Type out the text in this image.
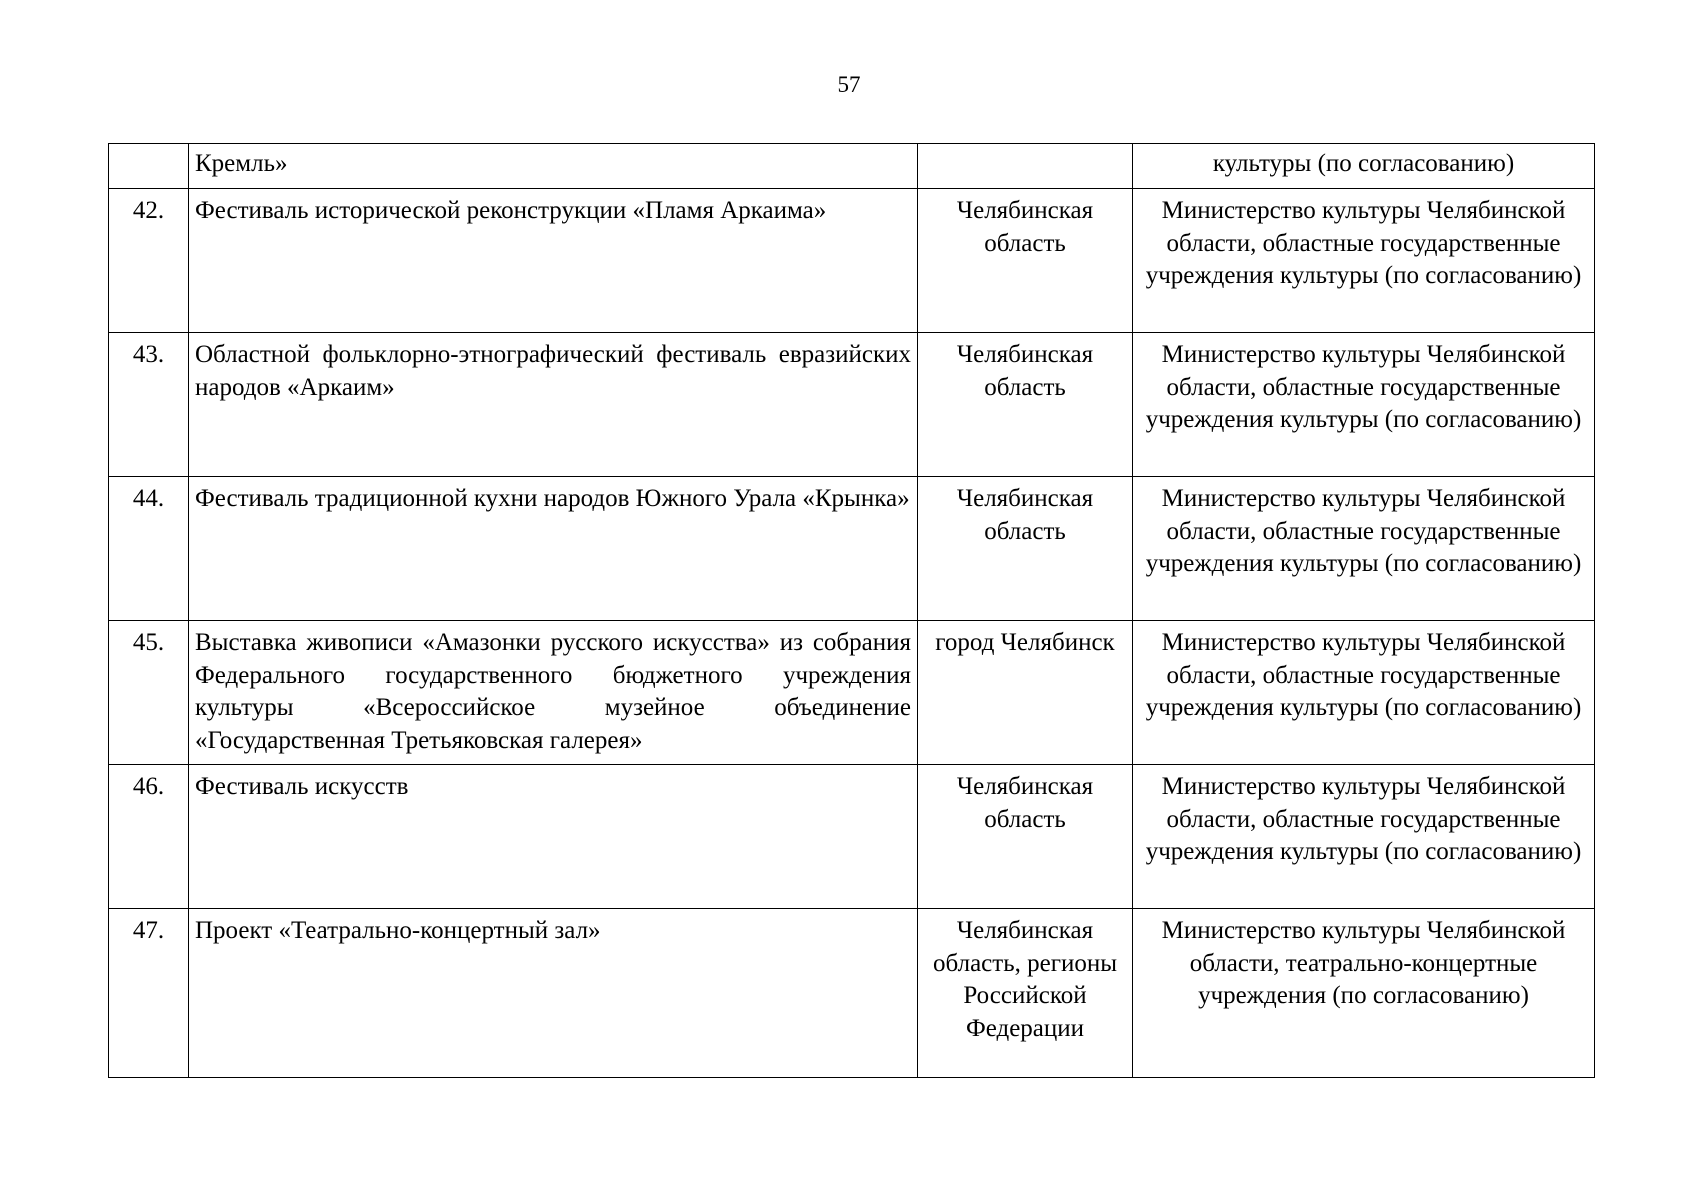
57
	Кремль»		культуры (по согласованию)
42.	Фестиваль исторической реконструкции «Пламя Аркаима»	Челябинская область	Министерство культуры Челябинской области, областные государственные учреждения культуры (по согласованию)
43.	Областной фольклорно-этнографический фестиваль евразийских народов «Аркаим»	Челябинская область	Министерство культуры Челябинской области, областные государственные учреждения культуры (по согласованию)
44.	Фестиваль традиционной кухни народов Южного Урала «Крынка»	Челябинская область	Министерство культуры Челябинской области, областные государственные учреждения культуры (по согласованию)
45.	Выставка живописи «Амазонки русского искусства» из собрания Федерального государственного бюджетного учреждения культуры «Всероссийское музейное объединение «Государственная Третьяковская галерея»	город Челябинск	Министерство культуры Челябинской области, областные государственные учреждения культуры (по согласованию)
46.	Фестиваль искусств	Челябинская область	Министерство культуры Челябинской области, областные государственные учреждения культуры (по согласованию)
47.	Проект «Театрально-концертный зал»	Челябинская область, регионы Российской Федерации	Министерство культуры Челябинской области, театрально-концертные учреждения (по согласованию)
